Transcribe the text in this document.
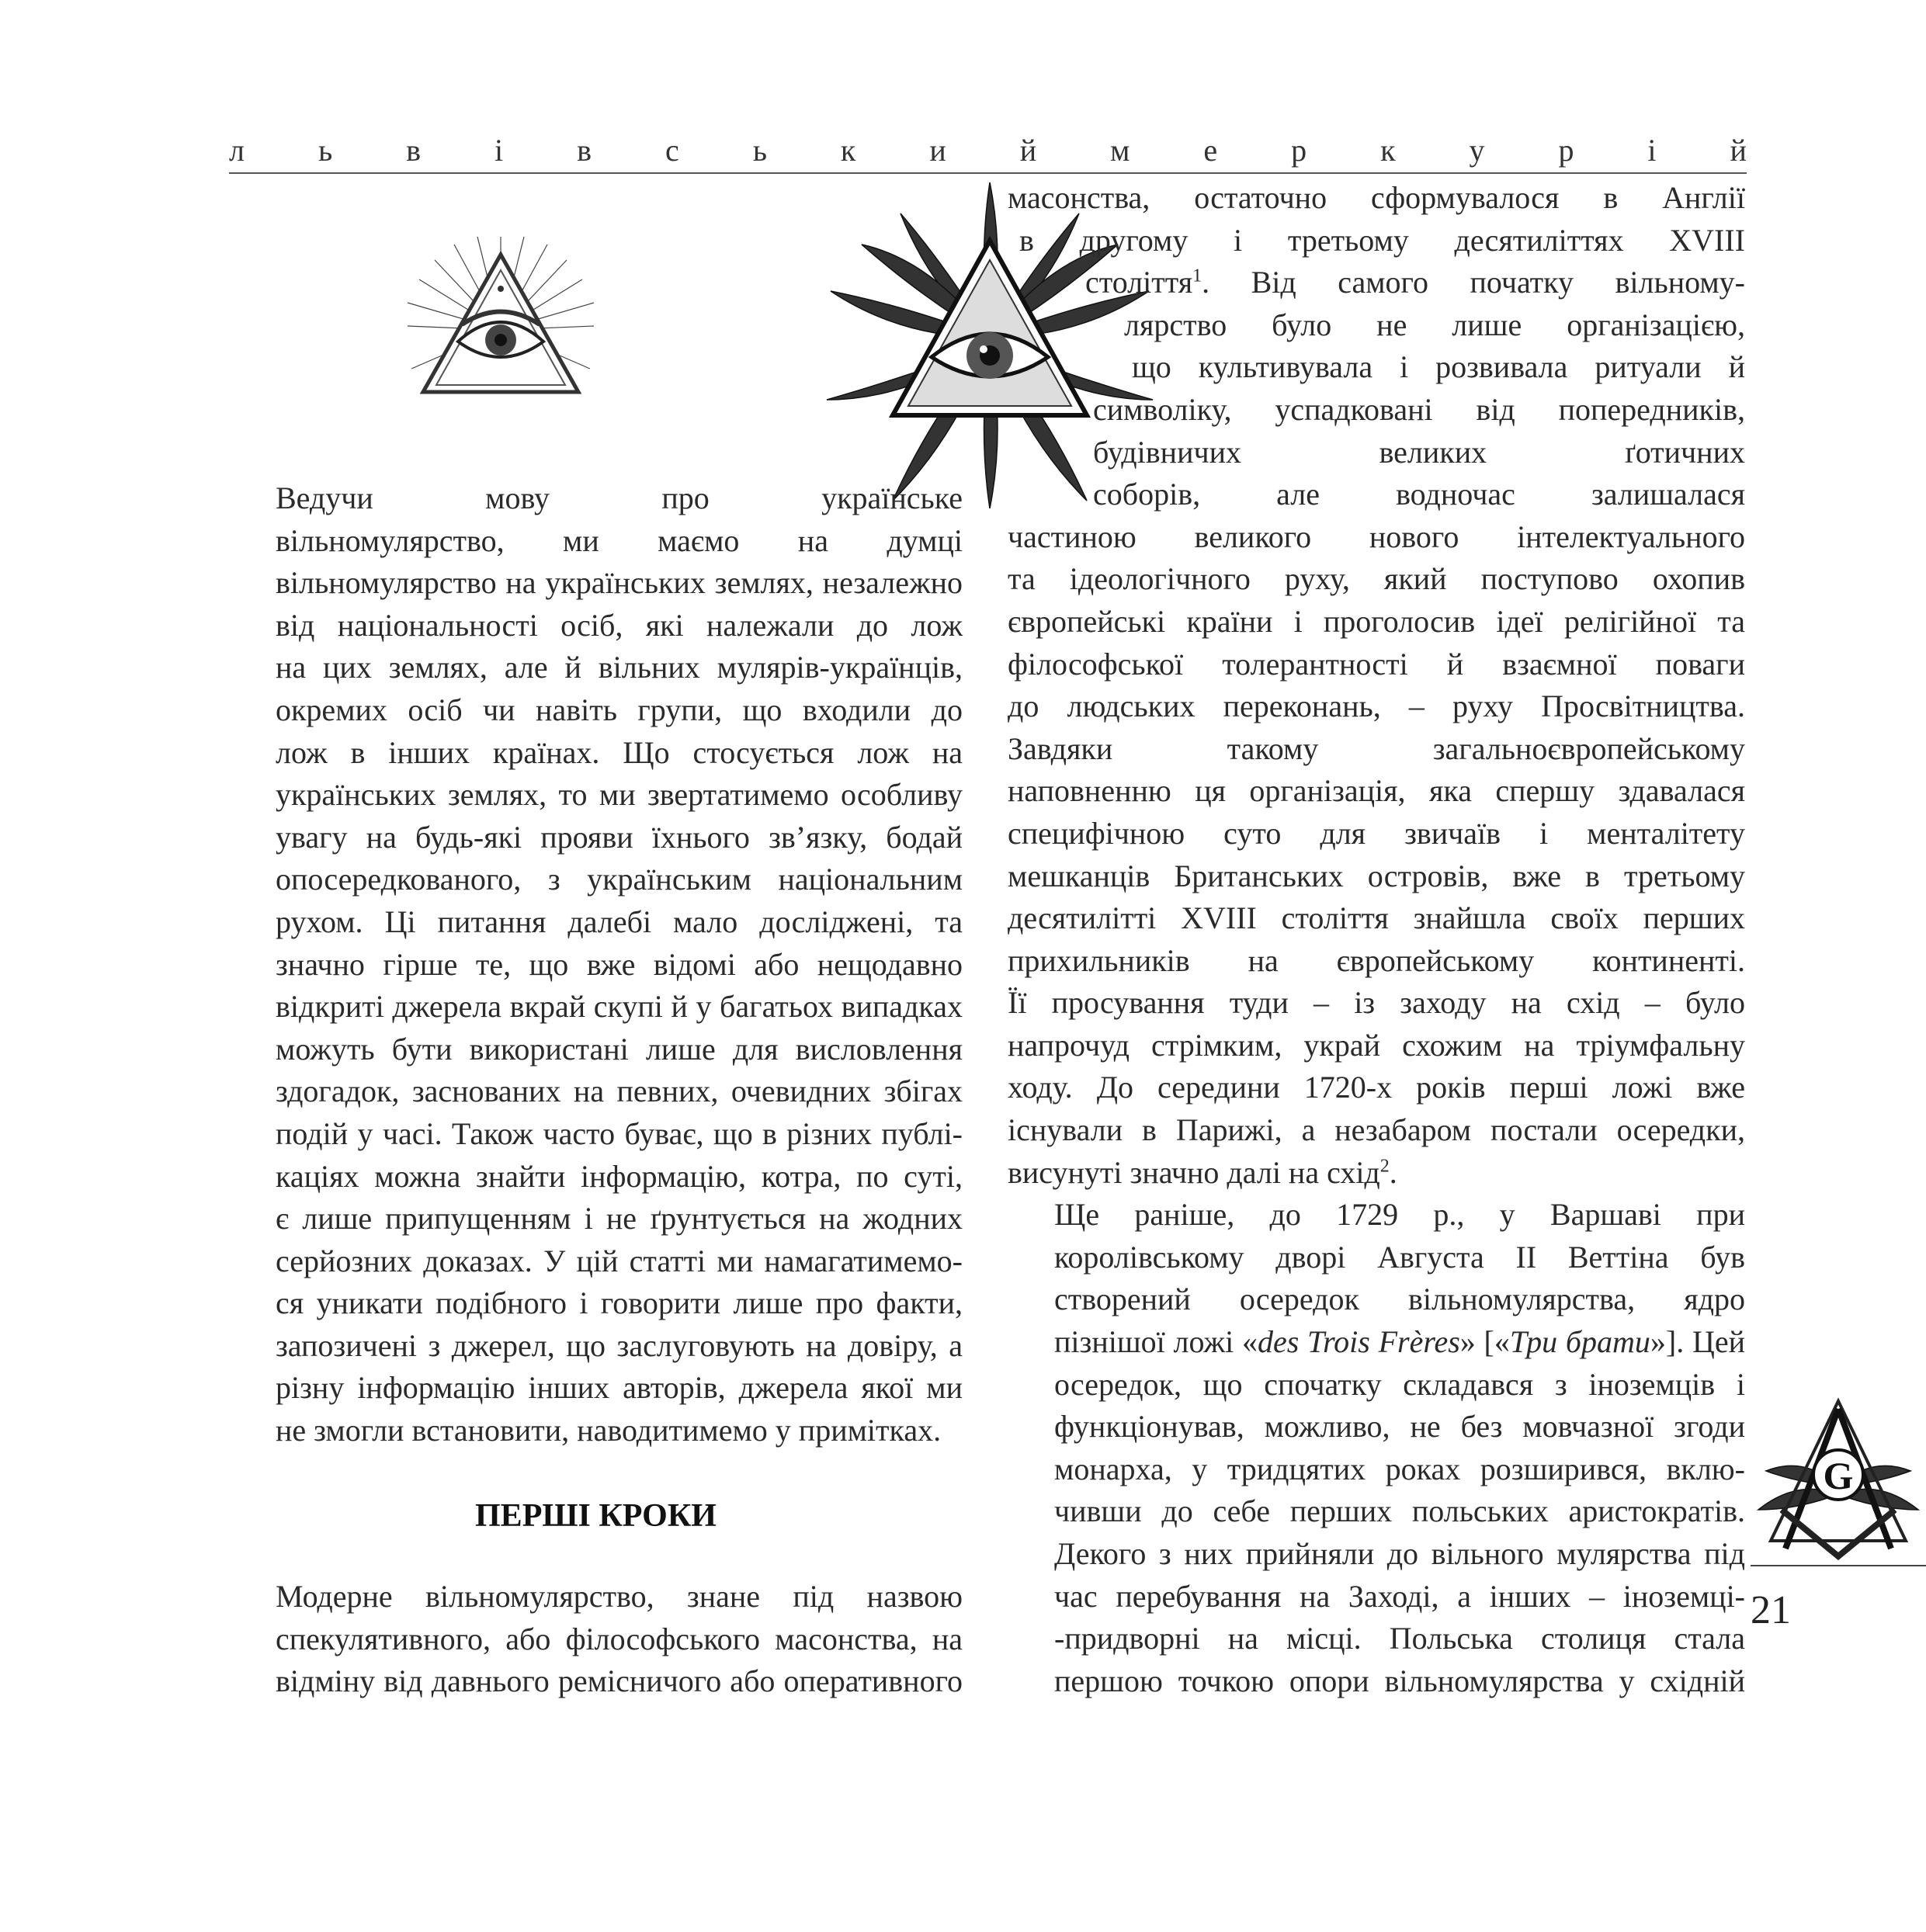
л ь в і в с ь к и й м е р к у р і й

Ведучи мову про українське
вільномулярство, ми маємо на думці
вільномулярство на українських землях, незалежно
від національності осіб, які належали до лож
на цих землях, але й вільних мулярів-українців,
окремих осіб чи навіть групи, що входили до
лож в інших країнах. Що стосується лож на
українських землях, то ми звертатимемо особливу
увагу на будь-які прояви їхнього зв’язку, бодай
опосередкованого, з українським національним
рухом. Ці питання далебі мало досліджені, та
значно гірше те, що вже відомі або нещодавно
відкриті джерела вкрай скупі й у багатьох випадках
можуть бути використані лише для висловлення
здогадок, заснованих на певних, очевидних збігах
подій у часі. Також часто буває, що в різних публі-
каціях можна знайти інформацію, котра, по суті,
є лише припущенням і не ґрунтується на жодних
серйозних доказах. У цій статті ми намагатимемо-
ся уникати подібного і говорити лише про факти,
запозичені з джерел, що заслуговують на довіру, а
різну інформацію інших авторів, джерела якої ми
не змогли встановити, наводитимемо у примітках.

ПЕРШІ КРОКИ

Модерне вільномулярство, знане під назвою
спекулятивного, або філософського масонства, на
відміну від давнього ремісничого або оперативного

масонства, остаточно сформувалося в Англії
в другому і третьому десятиліттях XVIII
століття$^1$. Від самого початку вільному-
лярство було не лише організацією,
що культивувала і розвивала ритуали й
символіку, успадковані від попередників,
будівничих великих ґотичних
соборів, але водночас залишалася

частиною великого нового інтелектуального
та ідеологічного руху, який поступово охопив
європейські країни і проголосив ідеї релігійної та
філософської толерантності й взаємної поваги
до людських переконань, – руху Просвітництва.
Завдяки такому загальноєвропейському
наповненню ця організація, яка спершу здавалася
специфічною суто для звичаїв і менталітету
мешканців Британських островів, вже в третьому
десятилітті XVIII століття знайшла своїх перших
прихильників на європейському континенті.
Її просування туди – із заходу на схід – було
напрочуд стрімким, украй схожим на тріумфальну
ходу. До середини 1720-х років перші ложі вже
існували в Парижі, а незабаром постали осередки,
висунуті значно далі на схід$^2$.

Ще раніше, до 1729 р., у Варшаві при
королівському дворі Августа II Веттіна був
створений осередок вільномулярства, ядро
пізнішої ложі «des Trois Frères» [«Три брати»]. Цей
осередок, що спочатку складався з іноземців і
функціонував, можливо, не без мовчазної згоди
монарха, у тридцятих роках розширився, вклю-
чивши до себе перших польських аристократів.
Декого з них прийняли до вільного мулярства під
час перебування на Заході, а інших – іноземці-
-придворні на місці. Польська столиця стала
першою точкою опори вільномулярства у східній

G
21
